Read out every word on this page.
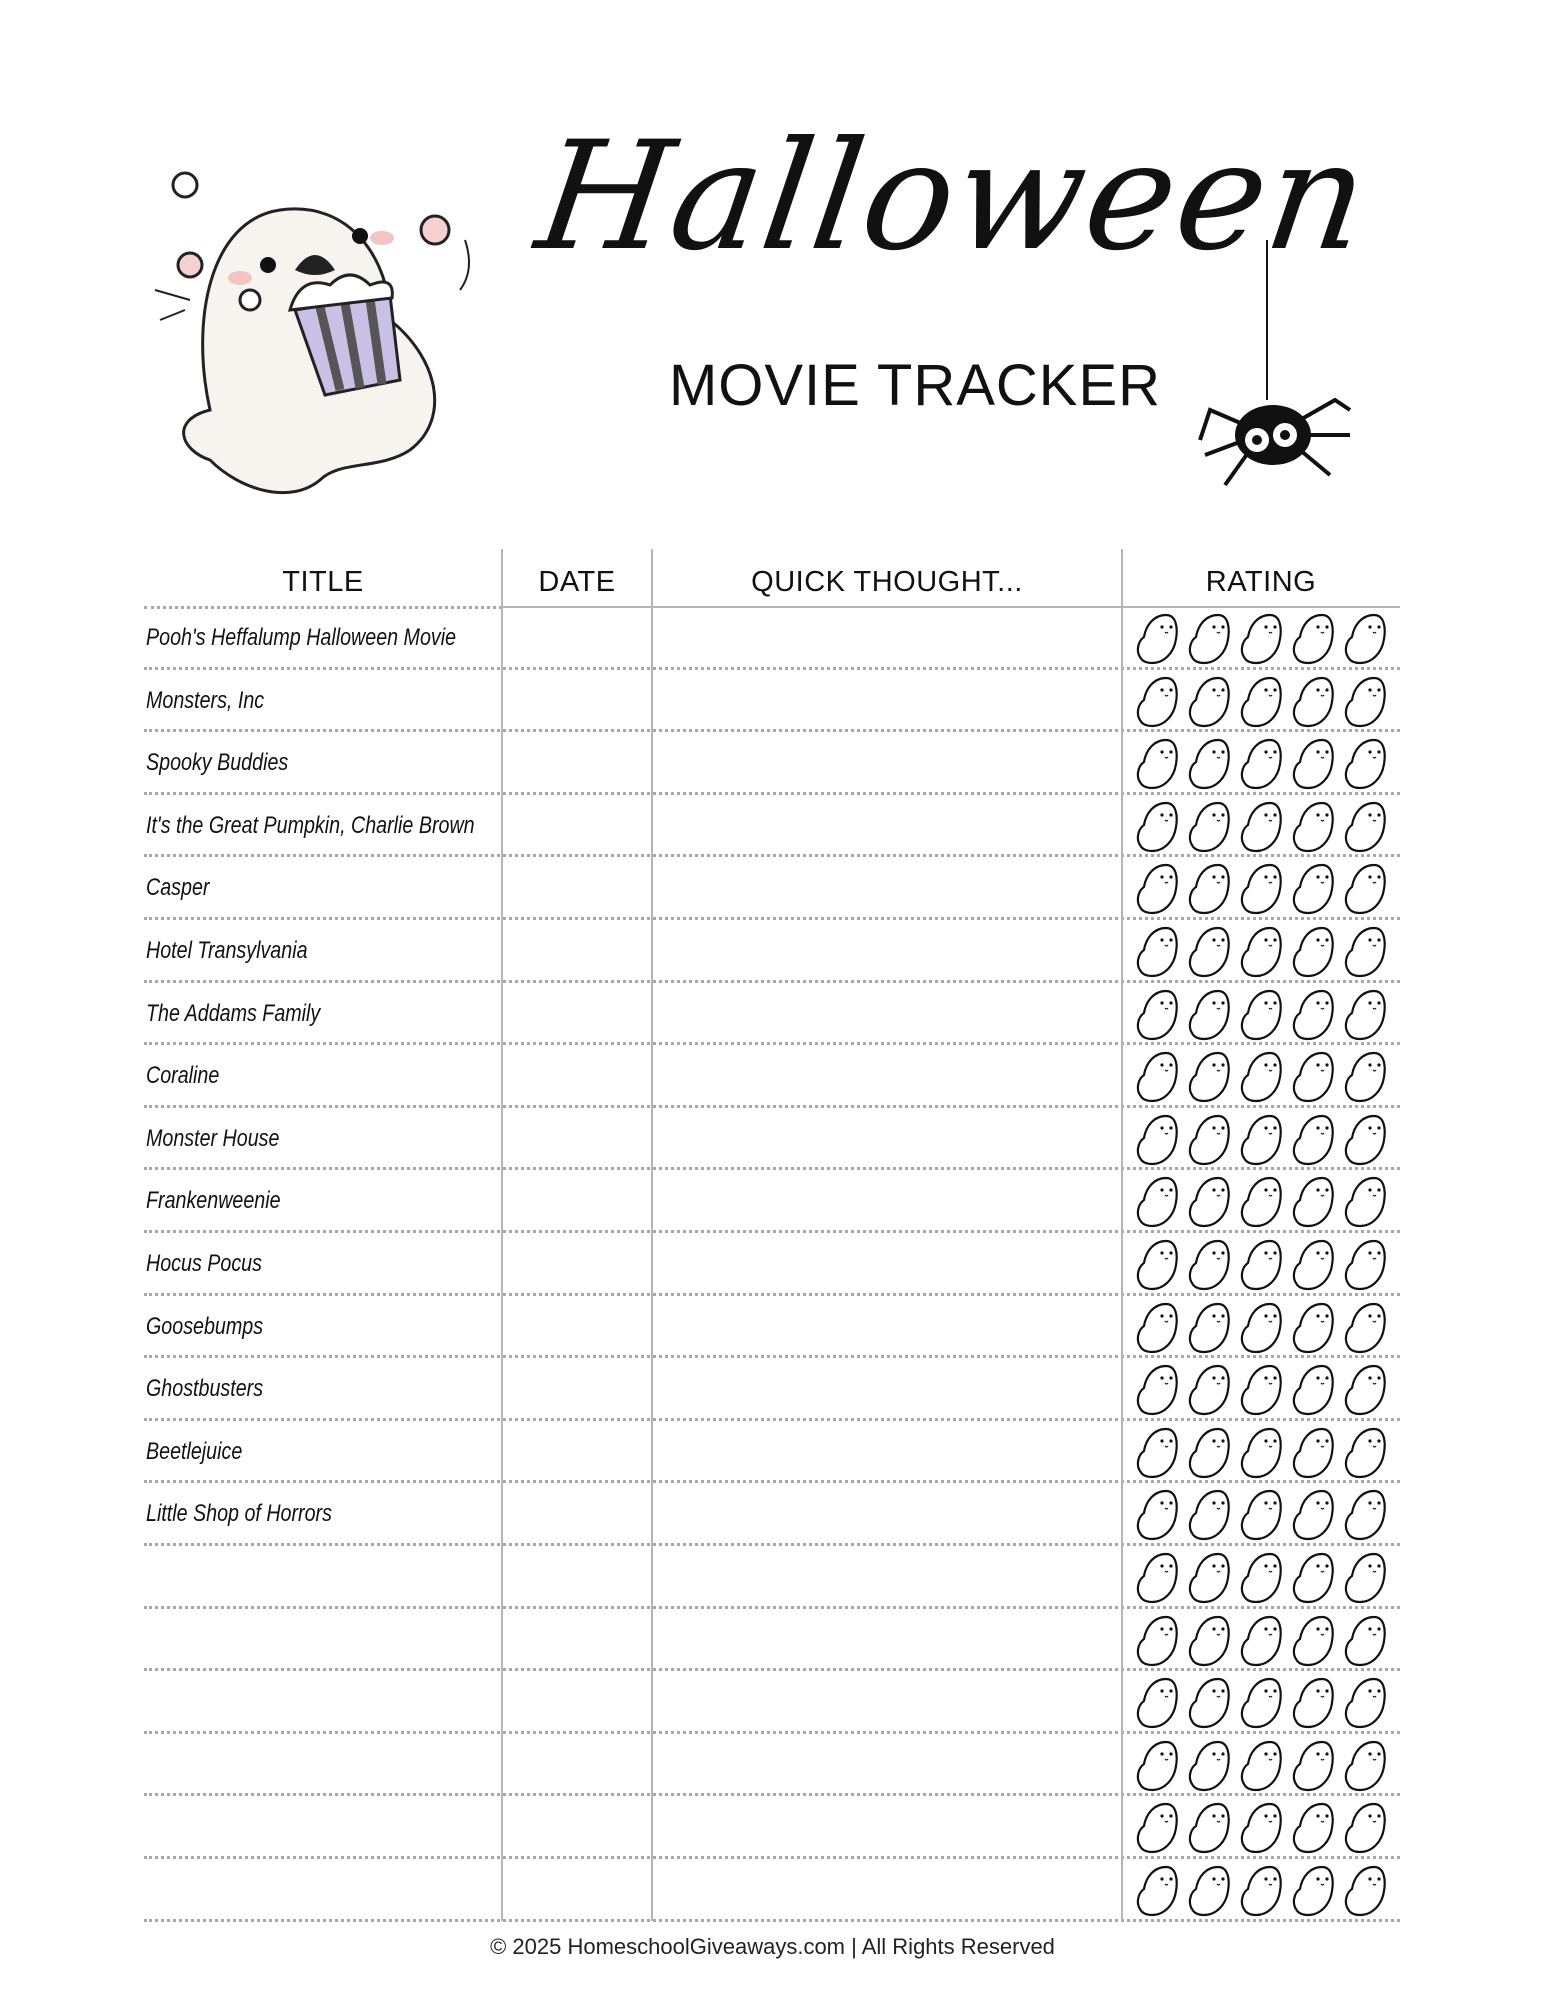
Halloween
MOVIE TRACKER
TITLE	DATE	QUICK THOUGHT...	RATING
Pooh's Heffalump Halloween Movie
Monsters, Inc
Spooky Buddies
It's the Great Pumpkin, Charlie Brown
Casper
Hotel Transylvania
The Addams Family
Coraline
Monster House
Frankenweenie
Hocus Pocus
Goosebumps
Ghostbusters
Beetlejuice
Little Shop of Horrors
© 2025 HomeschoolGiveaways.com | All Rights Reserved
